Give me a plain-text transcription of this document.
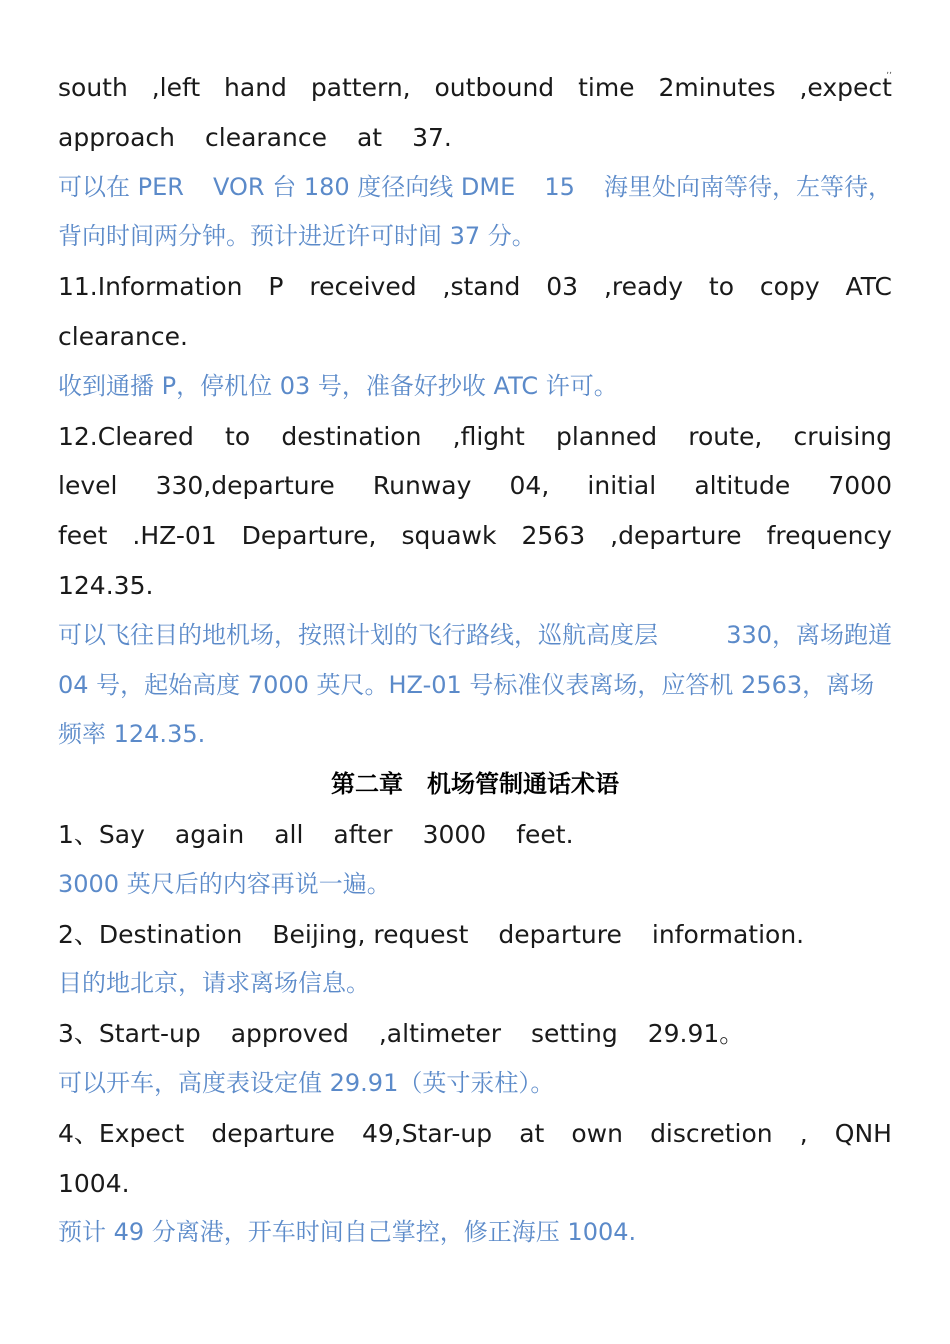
,,
south ,left hand pattern, outbound time 2minutes ,expect
approach clearance at 37.
可以在 PER VOR 台 180 度径向线 DME 15 海里处向南等待，左等待，
背向时间两分钟。预计进近许可时间 37 分。
11.Information P received ,stand 03 ,ready to copy ATC
clearance.
收到通播 P，停机位 03 号，准备好抄收 ATC 许可。
12.Cleared to destination ,flight planned route, cruising
level 330,departure Runway 04, initial altitude 7000
feet .HZ-01 Departure, squawk 2563 ,departure frequency
124.35.
可以飞往目的地机场，按照计划的飞行路线，巡航高度层	330，离场跑道
04 号，起始高度 7000 英尺。HZ-01 号标准仪表离场，应答机 2563，离场
频率 124.35.
第二章　机场管制通话术语
1、Say again all after 3000 feet.
3000 英尺后的内容再说一遍。
2、Destination Beijing, request departure information.
目的地北京，请求离场信息。
3、Start-up approved ,altimeter setting 29.91。
可以开车，高度表设定值 29.91（英寸汞柱）。
4、Expect departure 49,Star-up at own discretion , QNH
1004.
预计 49 分离港，开车时间自己掌控，修正海压 1004.
